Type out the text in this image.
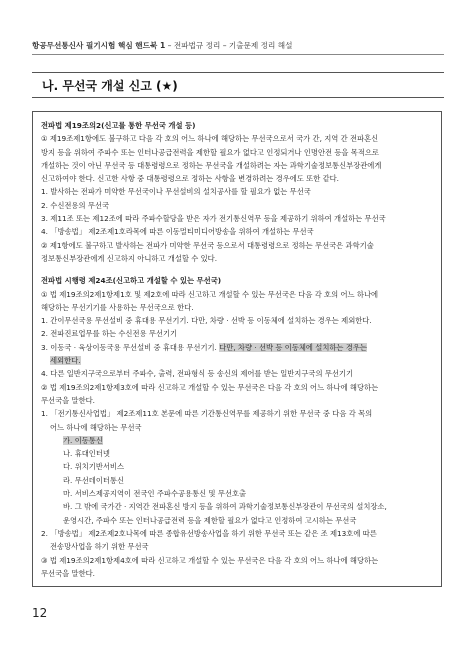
항공무선통신사 필기시험 핵심 핸드북 1 – 전파법규 정리 – 기출문제 정리 해설
나. 무선국 개설 신고 (★)

전파법 제19조의2(신고를 통한 무선국 개설 등)

① 제19조제1항에도 불구하고 다음 각 호의 어느 하나에 해당하는 무선국으로서 국가 간, 지역 간 전파혼신

방지 등을 위하여 주파수 또는 인터나공급전력을 제한할 필요가 없다고 인정되거나 인명안전 등을 목적으로

개설하는 것이 아닌 무선국 등 대통령령으로 정하는 무선국을 개설하려는 자는 과학기술정보통신부장관에게

신고하여야 한다. 신고한 사항 중 대통령령으로 정하는 사항을 변경하려는 경우에도 또한 같다.

1. 발사하는 전파가 미약한 무선국이나 무선설비의 설치공사를 할 필요가 없는 무선국

2. 수신전용의 무선국

3. 제11조 또는 제12조에 따라 주파수할당을 받은 자가 전기통신역무 등을 제공하기 위하여 개설하는 무선국

4. 「방송법」 제2조제1호라목에 따른 이동멀티미디어방송을 위하여 개설하는 무선국

② 제1항에도 불구하고 발사하는 전파가 미약한 무선국 등으로서 대통령령으로 정하는 무선국은 과학기술

정보통신부장관에게 신고하지 아니하고 개설할 수 있다.

전파법 시행령 제24조(신고하고 개설할 수 있는 무선국)

① 법 제19조의2제1항제1호 및 제2호에 따라 신고하고 개설할 수 있는 무선국은 다음 각 호의 어느 하나에

해당하는 무선기기를 사용하는 무선국으로 한다.

1. 간이무선국용 무선설비 중 휴대용 무선기기. 다만, 차량 · 선박 등 이동체에 설치하는 경우는 제외한다.

2. 전파진료업무를 하는 수신전용 무선기기

3. 이동국 · 육상이동국용 무선설비 중 휴대용 무선기기. 다만, 차량 · 선박 등 이동체에 설치하는 경우는

세외한다.

4. 다른 일반지구국으로부터 주파수, 출력, 전파형식 등 송신의 제어를 받는 일반지구국의 무선기기

② 법 제19조의2제1항제3호에 따라 신고하고 개설할 수 있는 무선국은 다음 각 호의 어느 하나에 해당하는

무선국을 말한다.

1. 「전기통신사업법」 제2조제11호 본문에 따른 기간통신역무를 제공하기 위한 무선국 중 다음 각 목의

어느 하나에 해당하는 무선국

가. 이동통신

나. 휴대인터넷

다. 위치기반서비스

라. 무선데이터통신

마. 서비스제공지역이 전국인 주파수공용통신 및 무선호출

바. 그 밖에 국가간 · 지역간 전파혼신 방지 등을 위하여 과학기술정보통신부장관이 무선국의 설치장소,

운영시간, 주파수 또는 인터나공급전력 등을 제한할 필요가 없다고 인정하여 고시하는 무선국

2. 「방송법」 제2조제2호나목에 따른 종합유선방송사업을 하기 위한 무선국 또는 같은 조 제13호에 따른

전송망사업을 하기 위한 무선국

③ 법 제19조의2제1항제4호에 따라 신고하고 개설할 수 있는 무선국은 다음 각 호의 어느 하나에 해당하는

무선국을 말한다.

12
